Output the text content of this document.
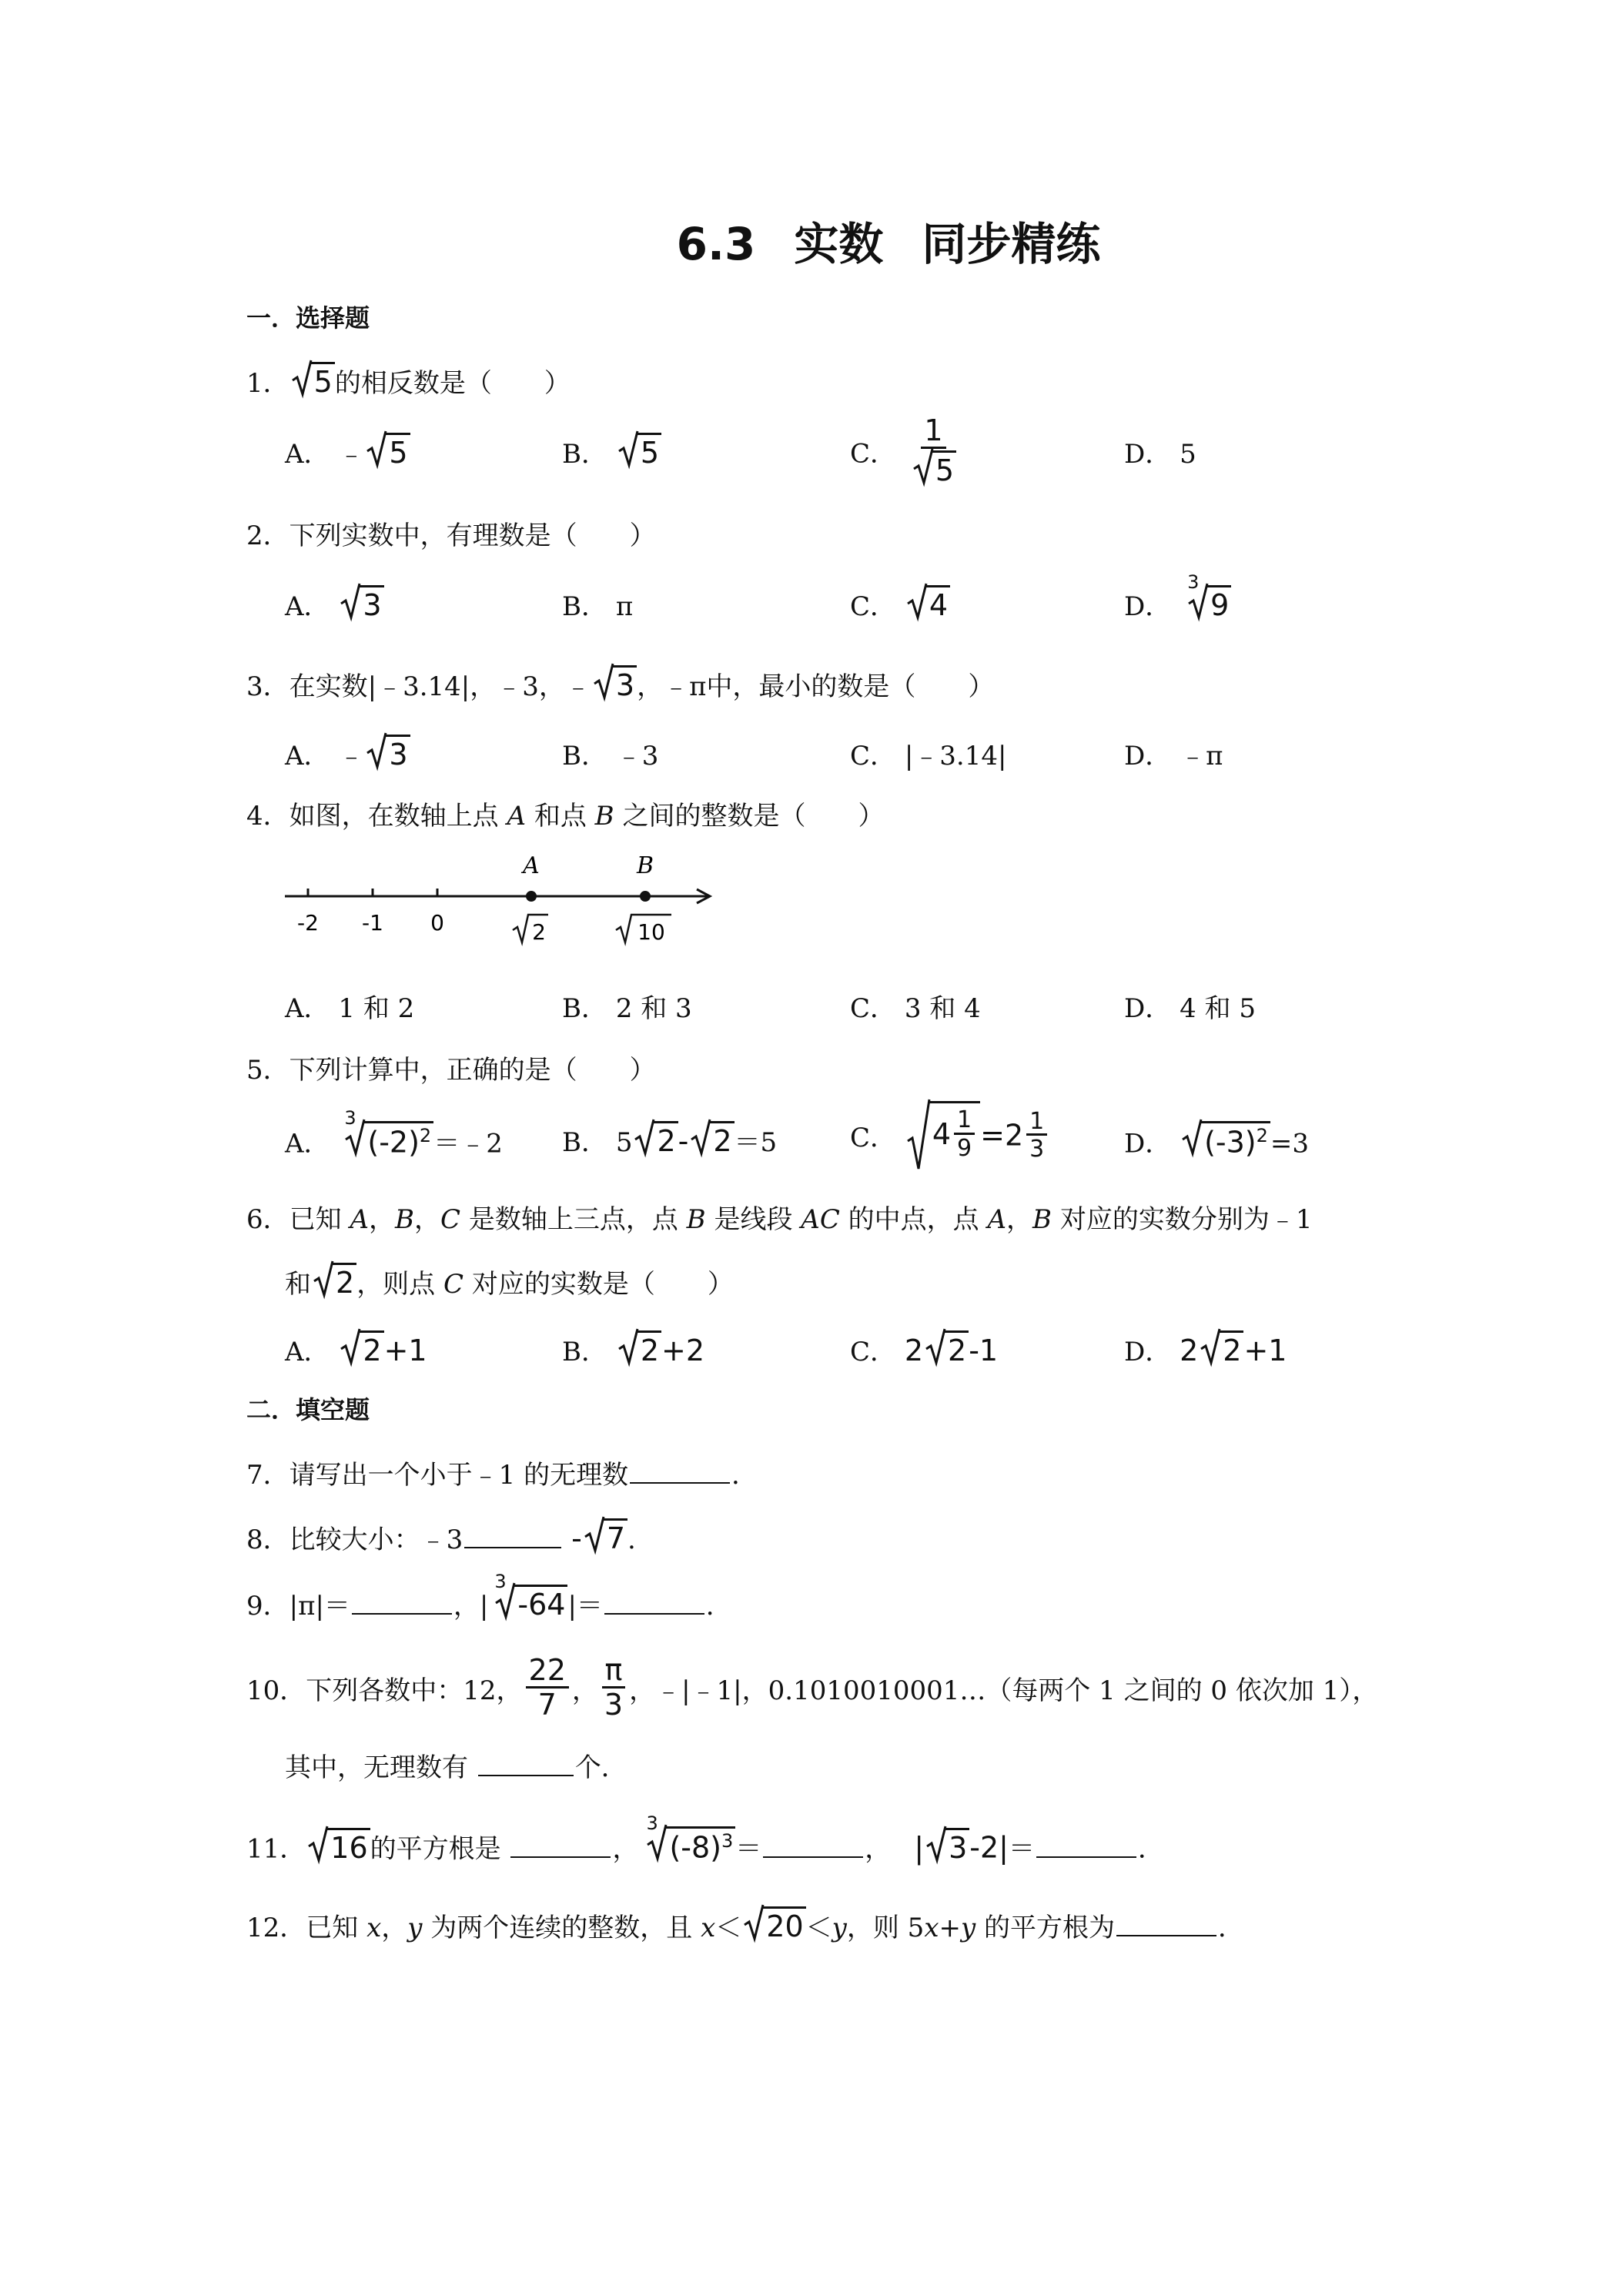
6.3 实数 同步精练
一．选择题
1． 5的相反数是（　　）
A． ﹣ 5	B． 5	C． $\frac{1}{5}$	D． 5
2．下列实数中，有理数是（　　）
A． 3	B． π	C． 4	D．
3
9
3．在实数|﹣3.14|，﹣3，﹣ 3，﹣π中，最小的数是（　　）
A． ﹣ 3	B． ﹣3	C． |﹣3.14|	D． ﹣π
4．如图，在数轴上点 A 和点 B 之间的整数是（　　）
-2 -1 0
A	B
2	10
A． 1 和 2	B． 2 和 3	C． 3 和 4	D． 4 和 5
5．下列计算中，正确的是（　　）
A．
3
$(-2)^2=﹣2$ B． 5 2- 2＝5	C． $4 \frac{1}{9} =2 \frac{1}{3}$	D． $(-3)^2=3$
6．已知 A，B，C 是数轴上三点，点 B 是线段 AC 的中点，点 A，B 对应的实数分别为﹣1
和 2，则点 C 对应的实数是（　　）
A． 2+1	B． 2+2	C． 2 2-1	D． 2 2+1
二．填空题
7．请写出一个小于﹣1 的无理数	．
8．比较大小：﹣3	- 7.
9．|π|＝	，|
3
-64|＝	．
10．下列各数中：12， $\frac{22}{7}$ ， $\frac{\pi}{3}$ ，﹣|﹣1|，0.1010010001…（每两个 1 之间的 0 依次加 1），
其中，无理数有	个．
11． 16的平方根是	，
3
$(-8)^3=$	， | 3-2|＝	．
12．已知 x，y 为两个连续的整数，且 x＜ 20＜y，则 5x+y 的平方根为	．
